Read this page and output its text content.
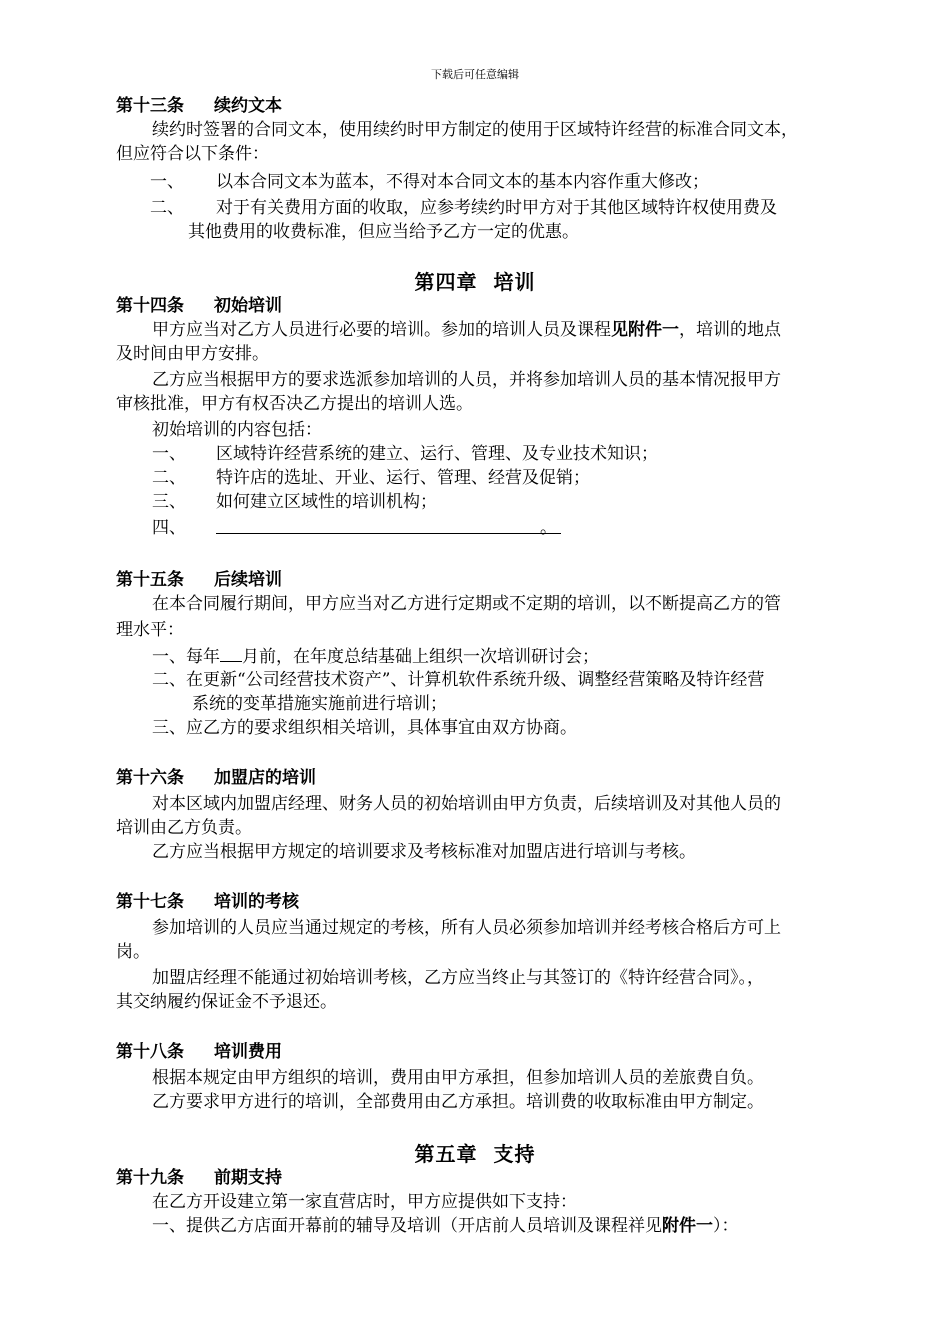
下载后可任意编辑
第十三条 续约文本
续约时签署的合同文本，使用续约时甲方制定的使用于区域特许经营的标准合同文本，
但应符合以下条件：
一、 以本合同文本为蓝本，不得对本合同文本的基本内容作重大修改；
二、 对于有关费用方面的收取，应参考续约时甲方对于其他区域特许权使用费及
其他费用的收费标准，但应当给予乙方一定的优惠。
第四章 培训
第十四条 初始培训
甲方应当对乙方人员进行必要的培训。参加的培训人员及课程见附件一，培训的地点
及时间由甲方安排。
乙方应当根据甲方的要求选派参加培训的人员，并将参加培训人员的基本情况报甲方
审核批准，甲方有权否决乙方提出的培训人选。
初始培训的内容包括：
一、 区域特许经营系统的建立、运行、管理、及专业技术知识；
二、 特许店的选址、开业、运行、管理、经营及促销；
三、 如何建立区域性的培训机构；
四、	。
第十五条 后续培训
在本合同履行期间，甲方应当对乙方进行定期或不定期的培训，以不断提高乙方的管
理水平：
一、每年 月前，在年度总结基础上组织一次培训研讨会；
二、在更新“公司经营技术资产”、计算机软件系统升级、调整经营策略及特许经营
系统的变革措施实施前进行培训；
三、应乙方的要求组织相关培训，具体事宜由双方协商。
第十六条 加盟店的培训
对本区域内加盟店经理、财务人员的初始培训由甲方负责，后续培训及对其他人员的
培训由乙方负责。
乙方应当根据甲方规定的培训要求及考核标准对加盟店进行培训与考核。
第十七条 培训的考核
参加培训的人员应当通过规定的考核，所有人员必须参加培训并经考核合格后方可上
岗。
加盟店经理不能通过初始培训考核，乙方应当终止与其签订的《特许经营合同》。，
其交纳履约保证金不予退还。
第十八条 培训费用
根据本规定由甲方组织的培训，费用由甲方承担，但参加培训人员的差旅费自负。
乙方要求甲方进行的培训，全部费用由乙方承担。培训费的收取标准由甲方制定。
第五章 支持
第十九条 前期支持
在乙方开设建立第一家直营店时，甲方应提供如下支持：
一、提供乙方店面开幕前的辅导及培训（开店前人员培训及课程祥见附件一）：
